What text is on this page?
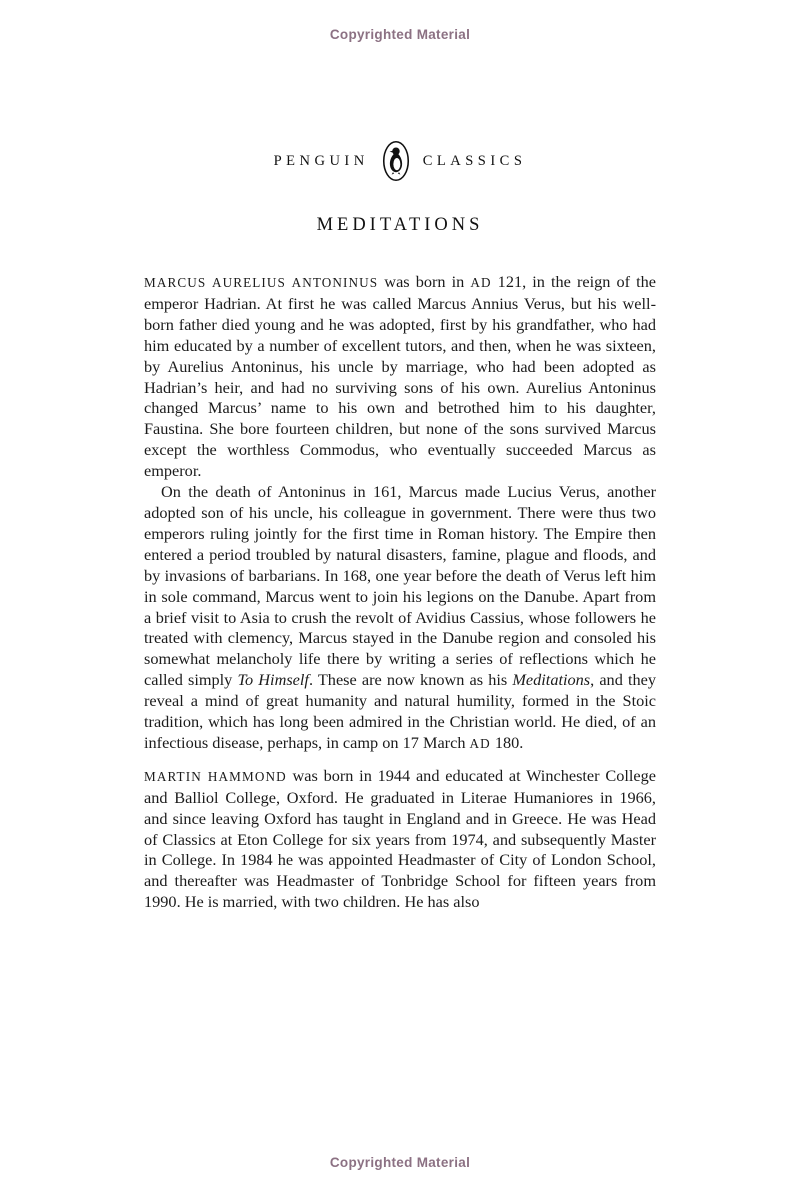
Copyrighted Material
PENGUIN	CLASSICS
MEDITATIONS

MARCUS AURELIUS ANTONINUS was born in AD 121, in the reign of the emperor Hadrian. At first he was called Marcus Annius Verus, but his well-born father died young and he was adopted, first by his grandfather, who had him educated by a number of excellent tutors, and then, when he was sixteen, by Aurelius Antoninus, his uncle by marriage, who had been adopted as Hadrian’s heir, and had no surviving sons of his own. Aurelius Antoninus changed Marcus’ name to his own and betrothed him to his daughter, Faustina. She bore fourteen children, but none of the sons survived Marcus except the worthless Commodus, who eventually succeeded Marcus as emperor.

On the death of Antoninus in 161, Marcus made Lucius Verus, another adopted son of his uncle, his colleague in government. There were thus two emperors ruling jointly for the first time in Roman history. The Empire then entered a period troubled by natural disasters, famine, plague and floods, and by invasions of barbarians. In 168, one year before the death of Verus left him in sole command, Marcus went to join his legions on the Danube. Apart from a brief visit to Asia to crush the revolt of Avidius Cassius, whose followers he treated with clemency, Marcus stayed in the Danube region and consoled his somewhat melancholy life there by writing a series of reflections which he called simply To Himself. These are now known as his Meditations, and they reveal a mind of great humanity and natural humility, formed in the Stoic tradition, which has long been admired in the Christian world. He died, of an infectious disease, perhaps, in camp on 17 March AD 180.

MARTIN HAMMOND was born in 1944 and educated at Winchester College and Balliol College, Oxford. He graduated in Literae Humaniores in 1966, and since leaving Oxford has taught in England and in Greece. He was Head of Classics at Eton College for six years from 1974, and subsequently Master in College. In 1984 he was appointed Headmaster of City of London School, and thereafter was Headmaster of Tonbridge School for fifteen years from 1990. He is married, with two children. He has also

Copyrighted Material
